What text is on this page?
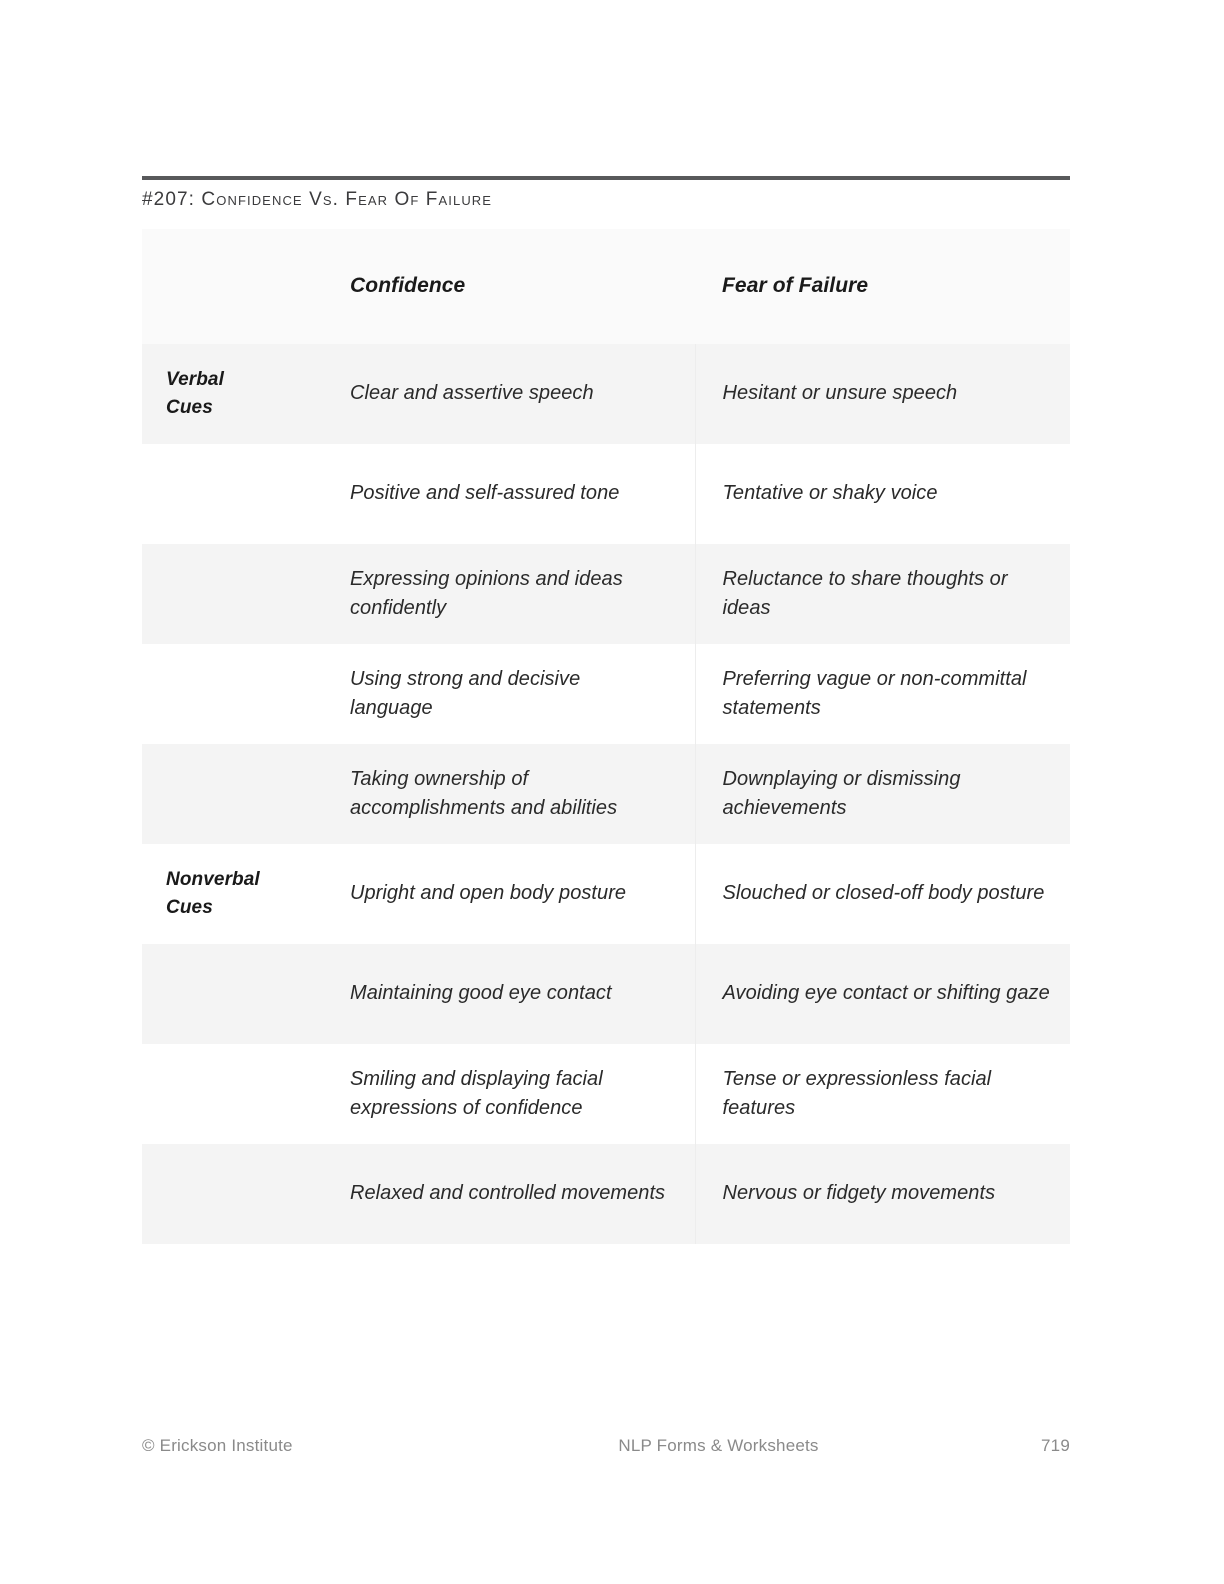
#207: Confidence Vs. Fear Of Failure

	Confidence	Fear of Failure

Verbal
Cues	Clear and assertive speech	Hesitant or unsure speech

	Positive and self-assured tone	Tentative or shaky voice

	Expressing opinions and ideas confidently	Reluctance to share thoughts or ideas

	Using strong and decisive language	Preferring vague or non-committal statements

	Taking ownership of accomplishments and abilities	Downplaying or dismissing achievements

Nonverbal
Cues	Upright and open body posture	Slouched or closed-off body posture

	Maintaining good eye contact	Avoiding eye contact or shifting gaze

	Smiling and displaying facial expressions of confidence	Tense or expressionless facial features

	Relaxed and controlled movements	Nervous or fidgety movements
© Erickson Institute	NLP Forms & Worksheets	719
